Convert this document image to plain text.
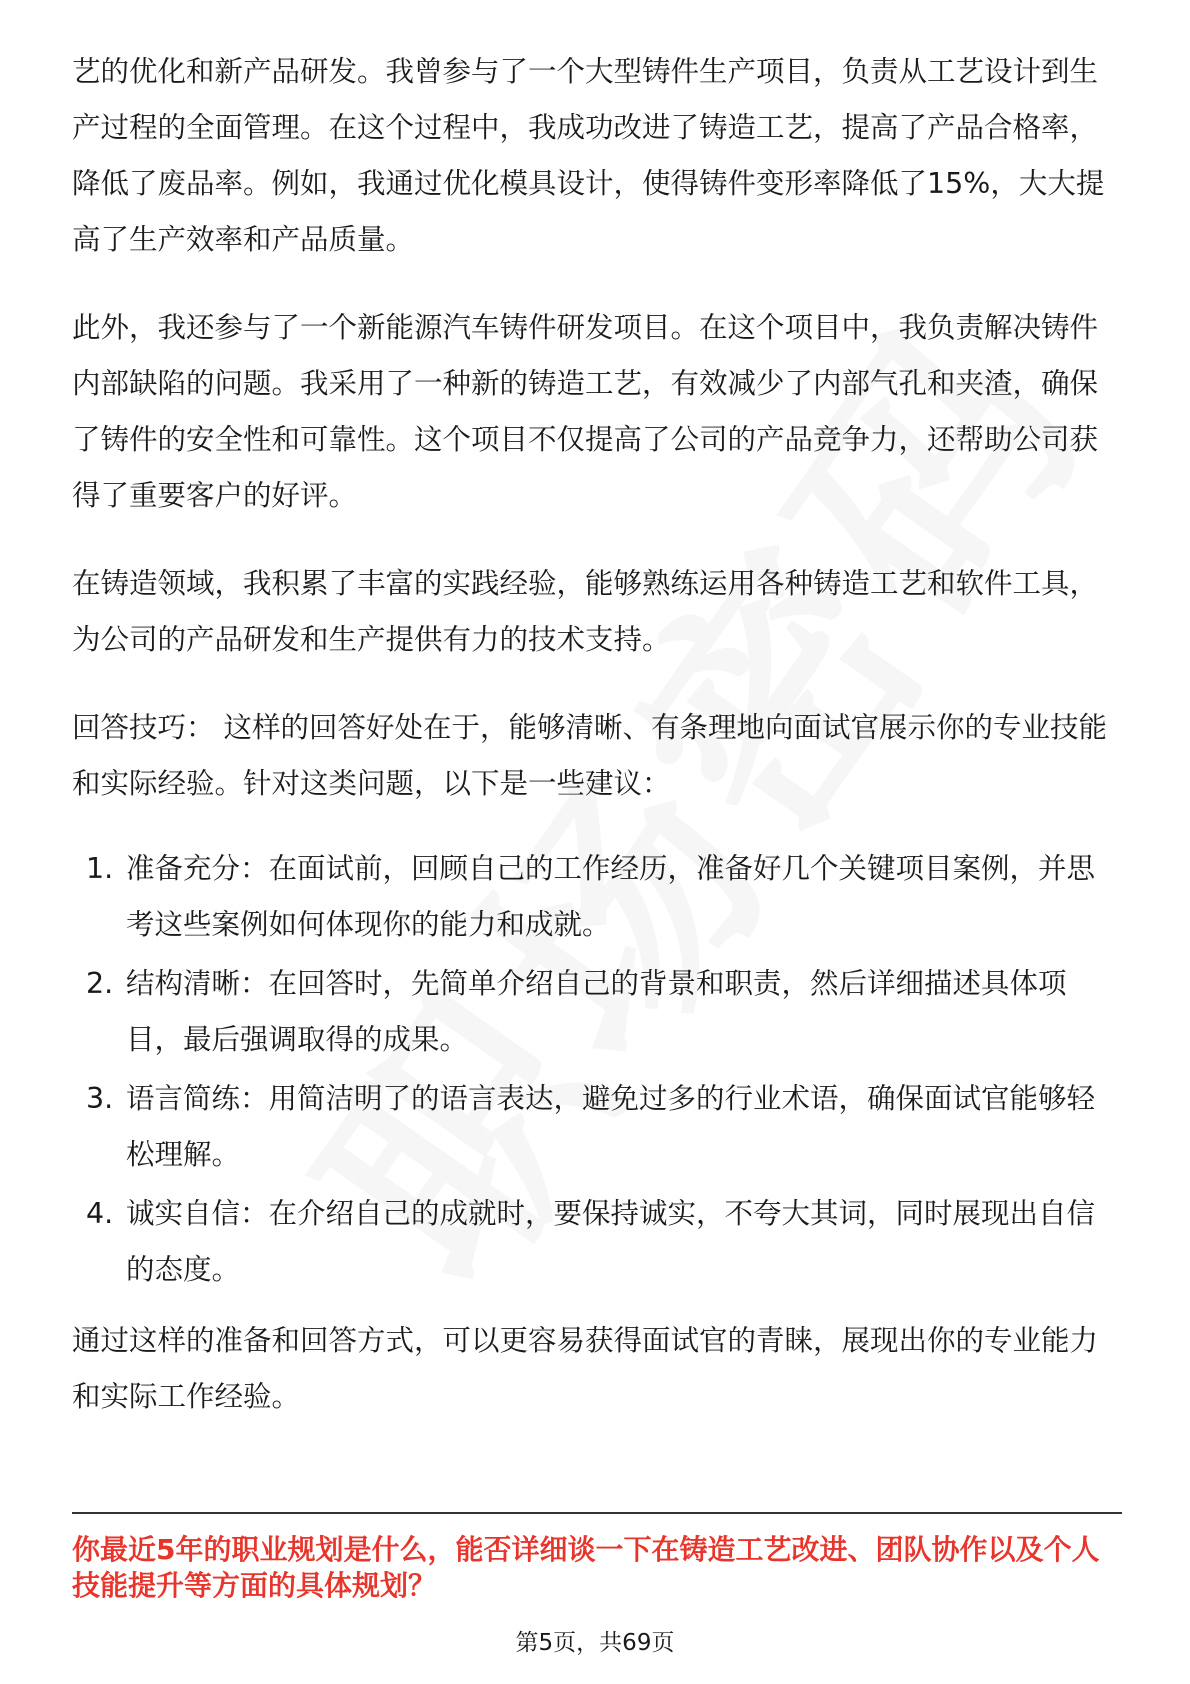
艺的优化和新产品研发。我曾参与了一个大型铸件生产项目，负责从工艺设计到生产过程的全面管理。在这个过程中，我成功改进了铸造工艺，提高了产品合格率，降低了废品率。例如，我通过优化模具设计，使得铸件变形率降低了15%，大大提高了生产效率和产品质量。

此外，我还参与了一个新能源汽车铸件研发项目。在这个项目中，我负责解决铸件内部缺陷的问题。我采用了一种新的铸造工艺，有效减少了内部气孔和夹渣，确保了铸件的安全性和可靠性。这个项目不仅提高了公司的产品竞争力，还帮助公司获得了重要客户的好评。

在铸造领域，我积累了丰富的实践经验，能够熟练运用各种铸造工艺和软件工具，为公司的产品研发和生产提供有力的技术支持。

回答技巧： 这样的回答好处在于，能够清晰、有条理地向面试官展示你的专业技能和实际经验。针对这类问题，以下是一些建议：

1. 准备充分：在面试前，回顾自己的工作经历，准备好几个关键项目案例，并思考这些案例如何体现你的能力和成就。
2. 结构清晰：在回答时，先简单介绍自己的背景和职责，然后详细描述具体项目，最后强调取得的成果。
3. 语言简练：用简洁明了的语言表达，避免过多的行业术语，确保面试官能够轻松理解。
4. 诚实自信：在介绍自己的成就时，要保持诚实，不夸大其词，同时展现出自信的态度。

通过这样的准备和回答方式，可以更容易获得面试官的青睐，展现出你的专业能力和实际工作经验。

你最近5年的职业规划是什么，能否详细谈一下在铸造工艺改进、团队协作以及个人技能提升等方面的具体规划？

第5页，共69页
